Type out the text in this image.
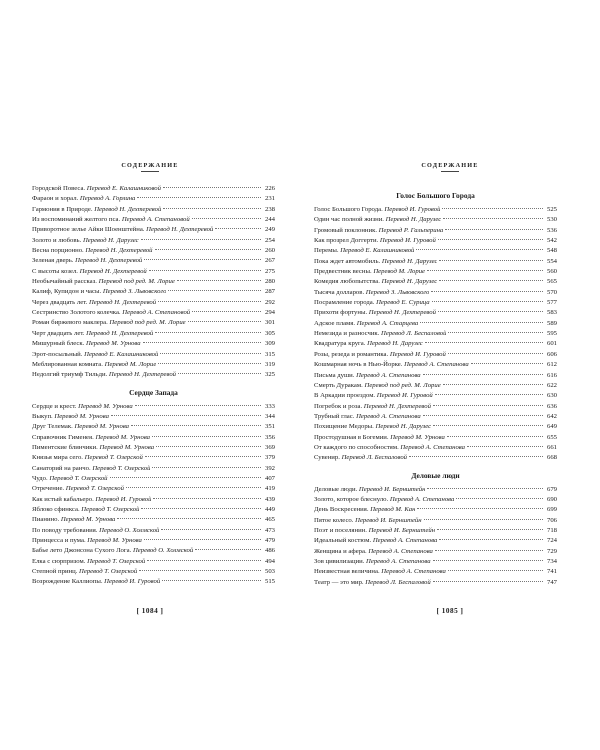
СОДЕРЖАНИЕ
Городской Повеса. Перевод Е. Калашниковой	226
Фараон и хорал. Перевод А. Горлина	231
Гармония в Природе. Перевод Н. Дехтеревой	238
Из воспоминаний желтого пса. Перевод А. Степановой	244
Приворотное зелье Айки Шоенштейна. Перевод Н. Дехтеревой	249
Золото и любовь. Перевод Н. Дарузес	254
Весна порционно. Перевод Н. Дехтеревой	260
Зеленая дверь. Перевод Н. Дехтеревой	267
С высоты козел. Перевод Н. Дехтеревой	275
Необычайный рассказ. Перевод под ред. М. Лорие	280
Калиф, Купидон и часы. Перевод З. Львовского	287
Через двадцать лет. Перевод Н. Дехтеревой	292
Сестринство Золотого колечка. Перевод А. Степановой	294
Роман биржевого маклера. Перевод под ред. М. Лорие	301
Черт двадцать лет. Перевод Н. Дехтеревой	305
Мишурный блеск. Перевод М. Урнова	309
Эрот-посыльный. Перевод Е. Калашниковой	315
Меблированная комната. Перевод М. Лорие	319
Недолгий триумф Тильди. Перевод Н. Дехтеревой	325
Сердце Запада
Сердце и крест. Перевод М. Урнова	333
Выкуп. Перевод М. Урнова	344
Друг Телемак. Перевод М. Урнова	351
Справочник Гименея. Перевод М. Урнова	356
Пиментские блинчики. Перевод М. Урнова	369
Князья мира сего. Перевод Т. Озерской	379
Санаторий на ранчо. Перевод Т. Озерской	392
Чудо. Перевод Т. Озерской	407
Отречение. Перевод Т. Озерской	419
Как истый кабальеро. Перевод И. Гуровой	439
Яблоко сфинкса. Перевод Т. Озерской	449
Пианино. Перевод М. Урнова	465
По поводу требования. Перевод О. Холмской	473
Принцесса и пума. Перевод М. Урнова	479
Бабье лето Джонсона Сухого Лога. Перевод О. Холмской	486
Елка с сюрпризом. Перевод Т. Озерской	494
Степной принц. Перевод Т. Озерской	503
Возрождение Каллиопы. Перевод И. Гуровой	515
[ 1084 ]
СОДЕРЖАНИЕ
Голос Большого Города
Голос Большого Города. Перевод И. Гуровой	525
Один час полной жизни. Перевод Н. Дарузес	530
Громовый поклонник. Перевод Р. Гальперина	536
Как прозрел Доггерти. Перевод И. Гуровой	542
Перемы. Перевод Е. Калашниковой	548
Пока ждет автомобиль. Перевод Н. Дарузес	554
Предвестник весны. Перевод М. Лорие	560
Комедия любопытства. Перевод Н. Дарузес	565
Тысяча долларов. Перевод З. Львовского	570
Посрамление города. Перевод Е. Сурица	577
Прихоти фортуны. Перевод Н. Дехтеревой	583
Адское пламя. Перевод А. Старцева	589
Немезида и разносчик. Перевод Л. Беспаловой	595
Квадратура круга. Перевод Н. Дарузес	601
Розы, резеда и романтика. Перевод И. Гуровой	606
Кошмарная ночь в Нью-Йорке. Перевод А. Степанова	612
Письма души. Перевод А. Степанова	616
Смерть Дуракам. Перевод под ред. М. Лорие	622
В Аркадии проездом. Перевод И. Гуровой	630
Погребок и роза. Перевод Н. Дехтеревой	636
Трубный глас. Перевод А. Степанова	642
Похищение Медоры. Перевод Н. Дарузес	649
Простодушная в Богемии. Перевод М. Урнова	655
От каждого по способностям. Перевод А. Степанова	661
Сувенир. Перевод Л. Беспаловой	668
Деловые люди
Деловые люди. Перевод И. Бернштейн	679
Золото, которое блеснуло. Перевод А. Степанова	690
День Воскресения. Перевод М. Кан	699
Пятое колесо. Перевод И. Бернштейн	706
Поэт и поселянин. Перевод И. Бернштейн	718
Идеальный костюм. Перевод А. Степанова	724
Женщина и афера. Перевод А. Степанова	729
Зов цивилизации. Перевод А. Степанова	734
Неизвестная величина. Перевод А. Степанова	741
Театр — это мир. Перевод Л. Беспаловой	747
[ 1085 ]
